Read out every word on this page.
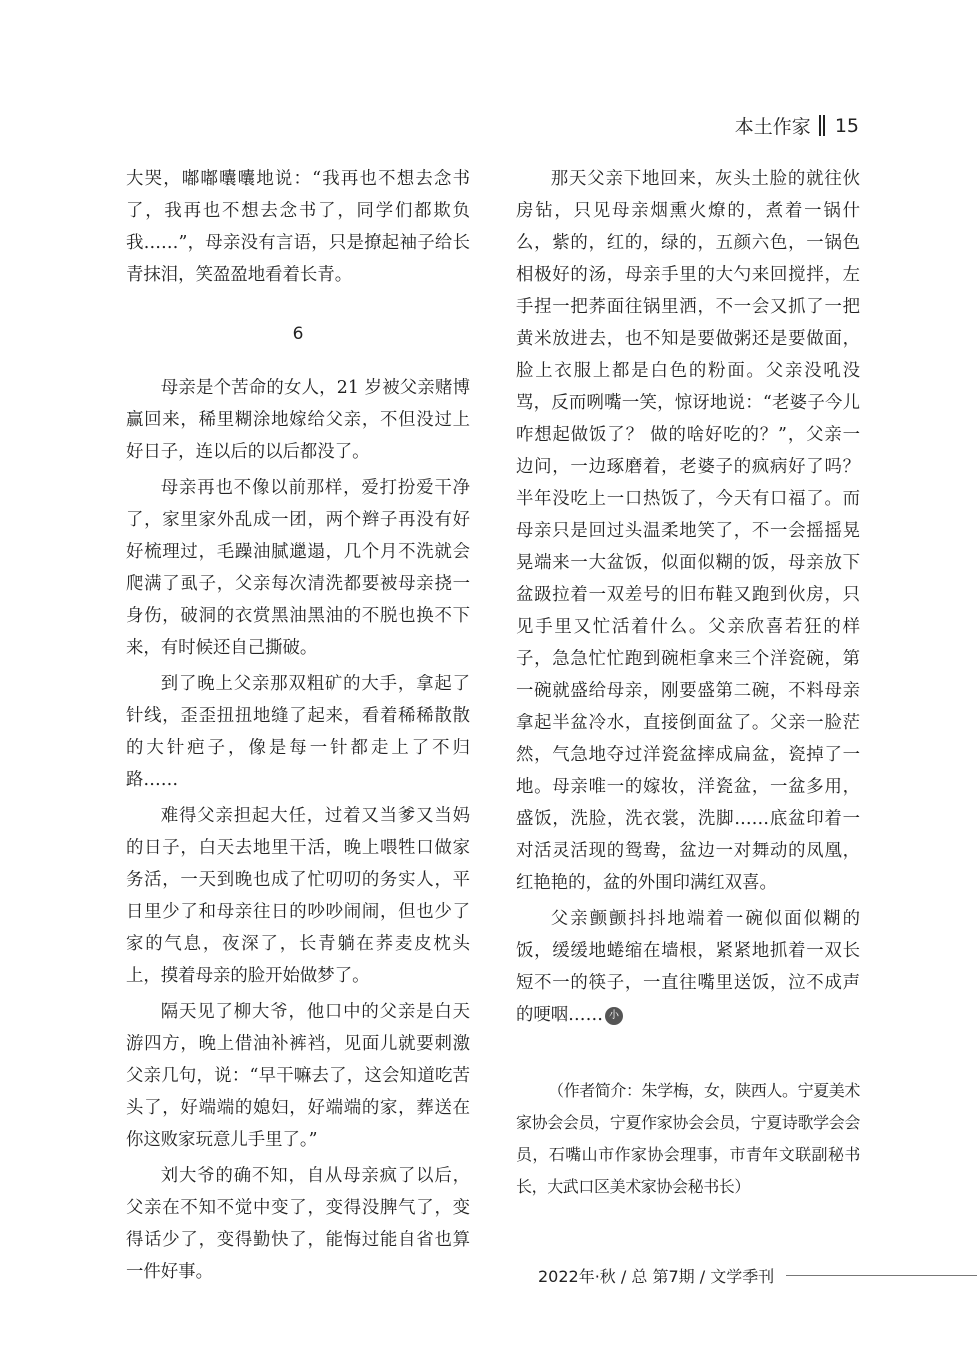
本土作家 15

大哭，嘟嘟囔囔地说：“我再也不想去念书了，我再也不想去念书了，同学们都欺负我……”，母亲没有言语，只是撩起袖子给长青抹泪，笑盈盈地看着长青。

6

母亲是个苦命的女人，21 岁被父亲赌博赢回来，稀里糊涂地嫁给父亲，不但没过上好日子，连以后的以后都没了。

母亲再也不像以前那样，爱打扮爱干净了，家里家外乱成一团，两个辫子再没有好好梳理过，毛躁油腻邋遢，几个月不洗就会爬满了虱子，父亲每次清洗都要被母亲挠一身伤，破洞的衣赏黑油黑油的不脱也换不下来，有时候还自己撕破。

到了晚上父亲那双粗矿的大手，拿起了针线，歪歪扭扭地缝了起来，看着稀稀散散的大针疤子，像是每一针都走上了不归路……

难得父亲担起大任，过着又当爹又当妈的日子，白天去地里干活，晚上喂牲口做家务活，一天到晚也成了忙叨叨的务实人，平日里少了和母亲往日的吵吵闹闹，但也少了家的气息，夜深了，长青躺在荞麦皮枕头上，摸着母亲的脸开始做梦了。

隔天见了柳大爷，他口中的父亲是白天游四方，晚上借油补裤裆，见面儿就要刺激父亲几句，说：“早干嘛去了，这会知道吃苦头了，好端端的媳妇，好端端的家，葬送在你这败家玩意儿手里了。”

刘大爷的确不知，自从母亲疯了以后，父亲在不知不觉中变了，变得没脾气了，变得话少了，变得勤快了，能悔过能自省也算一件好事。

那天父亲下地回来，灰头土脸的就往伙房钻，只见母亲烟熏火燎的，煮着一锅什么，紫的，红的，绿的，五颜六色，一锅色相极好的汤，母亲手里的大勺来回搅拌，左手捏一把荞面往锅里洒，不一会又抓了一把黄米放进去，也不知是要做粥还是要做面，脸上衣服上都是白色的粉面。父亲没吼没骂，反而咧嘴一笑，惊讶地说：“老婆子今儿咋想起做饭了？ 做的啥好吃的？”，父亲一边问，一边琢磨着，老婆子的疯病好了吗？半年没吃上一口热饭了，今天有口福了。而母亲只是回过头温柔地笑了，不一会摇摇晃晃端来一大盆饭，似面似糊的饭，母亲放下盆趿拉着一双差号的旧布鞋又跑到伙房，只见手里又忙活着什么。父亲欣喜若狂的样子，急急忙忙跑到碗柜拿来三个洋瓷碗，第一碗就盛给母亲，刚要盛第二碗，不料母亲拿起半盆冷水，直接倒面盆了。父亲一脸茫然，气急地夺过洋瓷盆摔成扁盆，瓷掉了一地。母亲唯一的嫁妆，洋瓷盆，一盆多用，盛饭，洗脸，洗衣裳，洗脚……底盆印着一对活灵活现的鸳鸯，盆边一对舞动的凤凰，红艳艳的，盆的外围印满红双喜。

父亲颤颤抖抖地端着一碗似面似糊的饭，缓缓地蜷缩在墙根，紧紧地抓着一双长短不一的筷子，一直往嘴里送饭，泣不成声的哽咽…… 小

（作者简介：朱学梅，女，陕西人。宁夏美术家协会会员，宁夏作家协会会员，宁夏诗歌学会会员，石嘴山市作家协会理事，市青年文联副秘书长，大武口区美术家协会秘书长）
2022年·秋 / 总 第7期 / 文学季刊
